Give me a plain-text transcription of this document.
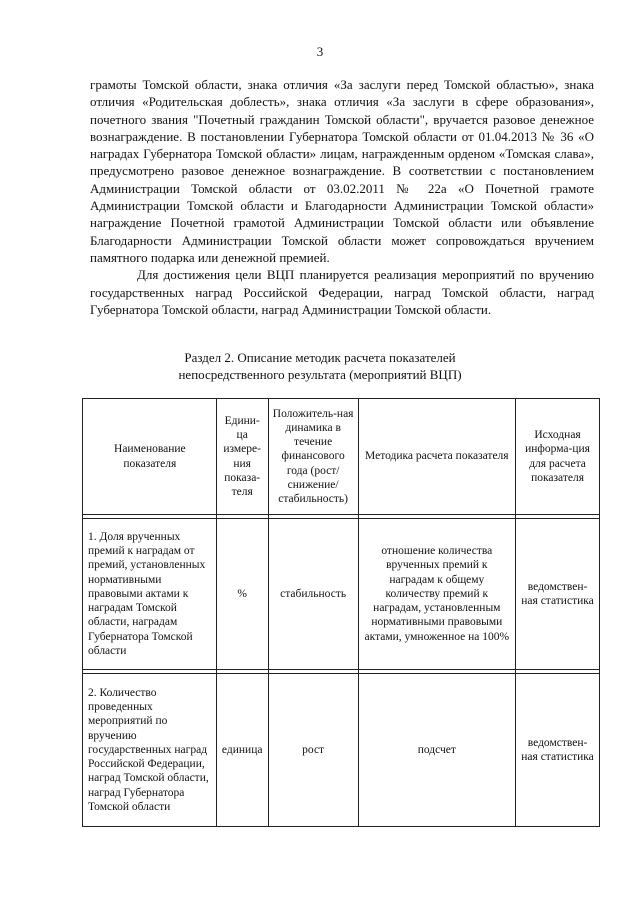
3

грамоты Томской области, знака отличия «За заслуги перед Томской областью», знака отличия «Родительская доблесть», знака отличия «За заслуги в сфере образования», почетного звания "Почетный гражданин Томской области", вручается разовое денежное вознаграждение. В постановлении Губернатора Томской области от 01.04.2013 № 36 «О наградах Губернатора Томской области» лицам, награжденным орденом «Томская слава», предусмотрено разовое денежное вознаграждение. В соответствии с постановлением Администрации Томской области от 03.02.2011 № 22а «О Почетной грамоте Администрации Томской области и Благодарности Администрации Томской области» награждение Почетной грамотой Администрации Томской области или объявление Благодарности Администрации Томской области может сопровождаться вручением памятного подарка или денежной премией.

Для достижения цели ВЦП планируется реализация мероприятий по вручению государственных наград Российской Федерации, наград Томской области, наград Губернатора Томской области, наград Администрации Томской области.

Раздел 2. Описание методик расчета показателей
непосредственного результата (мероприятий ВЦП)
Наименование показателя	Едини-ца измере-ния показа-теля	Положитель-ная динамика в течение финансового года (рост/ снижение/ стабильность)	Методика расчета показателя	Исходная информа-ция для расчета показателя

1. Доля врученных премий к наградам от премий, установленных нормативными правовыми актами к наградам Томской области, наградам Губернатора Томской области	%	стабильность	отношение количества врученных премий к наградам к общему количеству премий к наградам, установленным нормативными правовыми актами, умноженное на 100%	ведомствен-ная статистика

2. Количество проведенных мероприятий по вручению государственных наград Российской Федерации, наград Томской области, наград Губернатора Томской области	единица	рост	подсчет	ведомствен-ная статистика
